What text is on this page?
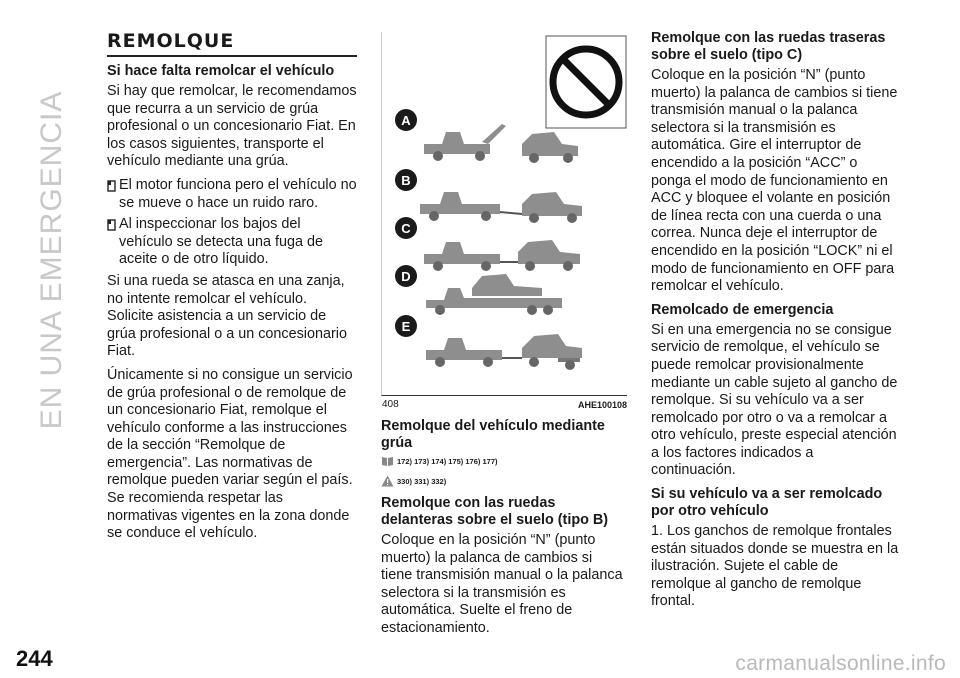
EN UNA EMERGENCIA
REMOLQUE
Si hace falta remolcar el vehículo

Si hay que remolcar, le recomendamos que recurra a un servicio de grúa profesional o un concesionario Fiat. En los casos siguientes, transporte el vehículo mediante una grúa.

El motor funciona pero el vehículo no se mueve o hace un ruido raro.

Al inspeccionar los bajos del vehículo se detecta una fuga de aceite o de otro líquido.

Si una rueda se atasca en una zanja, no intente remolcar el vehículo. Solicite asistencia a un servicio de grúa profesional o a un concesionario Fiat.

Únicamente si no consigue un servicio de grúa profesional o de remolque de un concesionario Fiat, remolque el vehículo conforme a las instrucciones de la sección “Remolque de emergencia”. Las normativas de remolque pueden variar según el país. Se recomienda respetar las normativas vigentes en la zona donde se conduce el vehículo.

A
B
C
D
E
408	AHE100108
Remolque del vehículo mediante grúa
172) 173) 174) 175) 176) 177)
330) 331) 332)
Remolque con las ruedas delanteras sobre el suelo (tipo B)

Coloque en la posición “N” (punto muerto) la palanca de cambios si tiene transmisión manual o la palanca selectora si la transmisión es automática. Suelte el freno de estacionamiento.

Remolque con las ruedas traseras sobre el suelo (tipo C)

Coloque en la posición “N” (punto muerto) la palanca de cambios si tiene transmisión manual o la palanca selectora si la transmisión es automática. Gire el interruptor de encendido a la posición “ACC” o ponga el modo de funcionamiento en ACC y bloquee el volante en posición de línea recta con una cuerda o una correa. Nunca deje el interruptor de encendido en la posición “LOCK” ni el modo de funcionamiento en OFF para remolcar el vehículo.

Remolcado de emergencia

Si en una emergencia no se consigue servicio de remolque, el vehículo se puede remolcar provisionalmente mediante un cable sujeto al gancho de remolque. Si su vehículo va a ser remolcado por otro o va a remolcar a otro vehículo, preste especial atención a los factores indicados a continuación.

Si su vehículo va a ser remolcado por otro vehículo

1. Los ganchos de remolque frontales están situados donde se muestra en la ilustración. Sujete el cable de remolque al gancho de remolque frontal.

244	carmanualsonline.info
